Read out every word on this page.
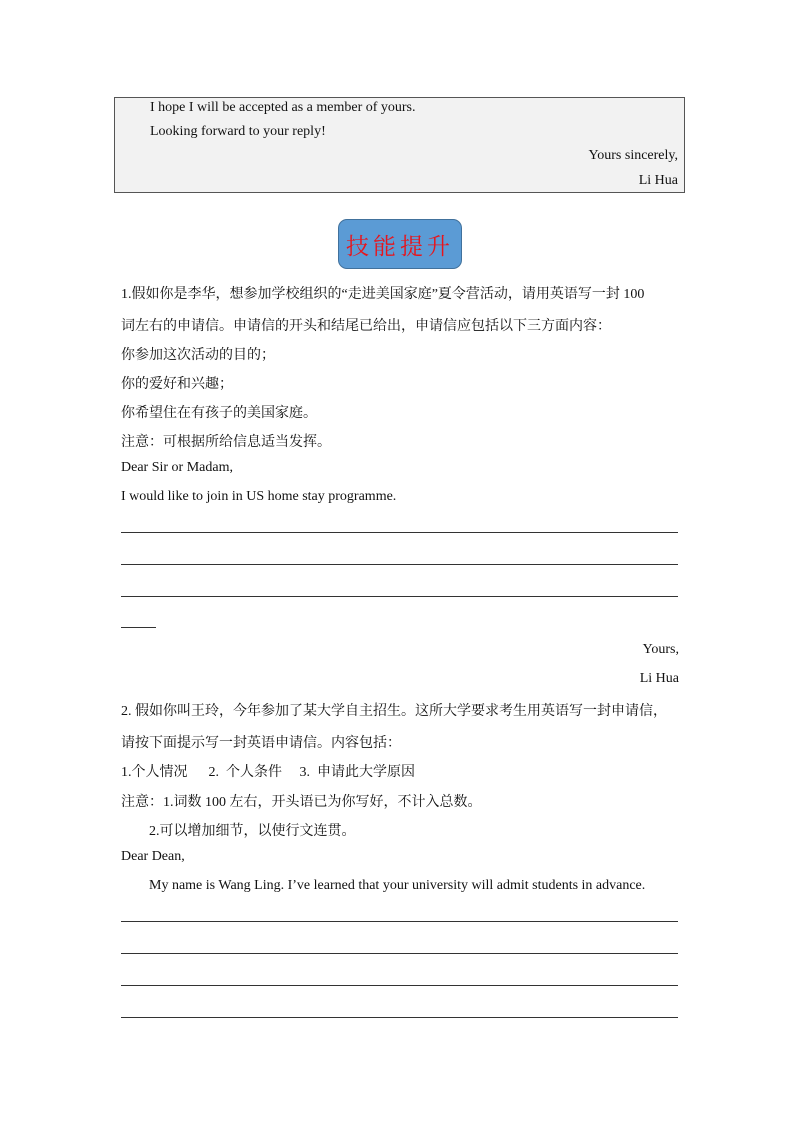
I hope I will be accepted as a member of yours.
Looking forward to your reply!
Yours sincerely,
Li Hua
技能提升
1.假如你是李华，想参加学校组织的“走进美国家庭”夏令营活动，请用英语写一封 100
词左右的申请信。申请信的开头和结尾已给出，申请信应包括以下三方面内容：
你参加这次活动的目的；
你的爱好和兴趣；
你希望住在有孩子的美国家庭。
注意：可根据所给信息适当发挥。
Dear Sir or Madam,
I would like to join in US home stay programme.
Yours,
Li Hua
2. 假如你叫王玲，今年参加了某大学自主招生。这所大学要求考生用英语写一封申请信，
请按下面提示写一封英语申请信。内容包括：
1.个人情况      2.  个人条件     3.  申请此大学原因
注意：1.词数 100 左右，开头语已为你写好，不计入总数。
2.可以增加细节，以使行文连贯。
Dear Dean,
My name is Wang Ling. I’ve learned that your university will admit students in advance.
